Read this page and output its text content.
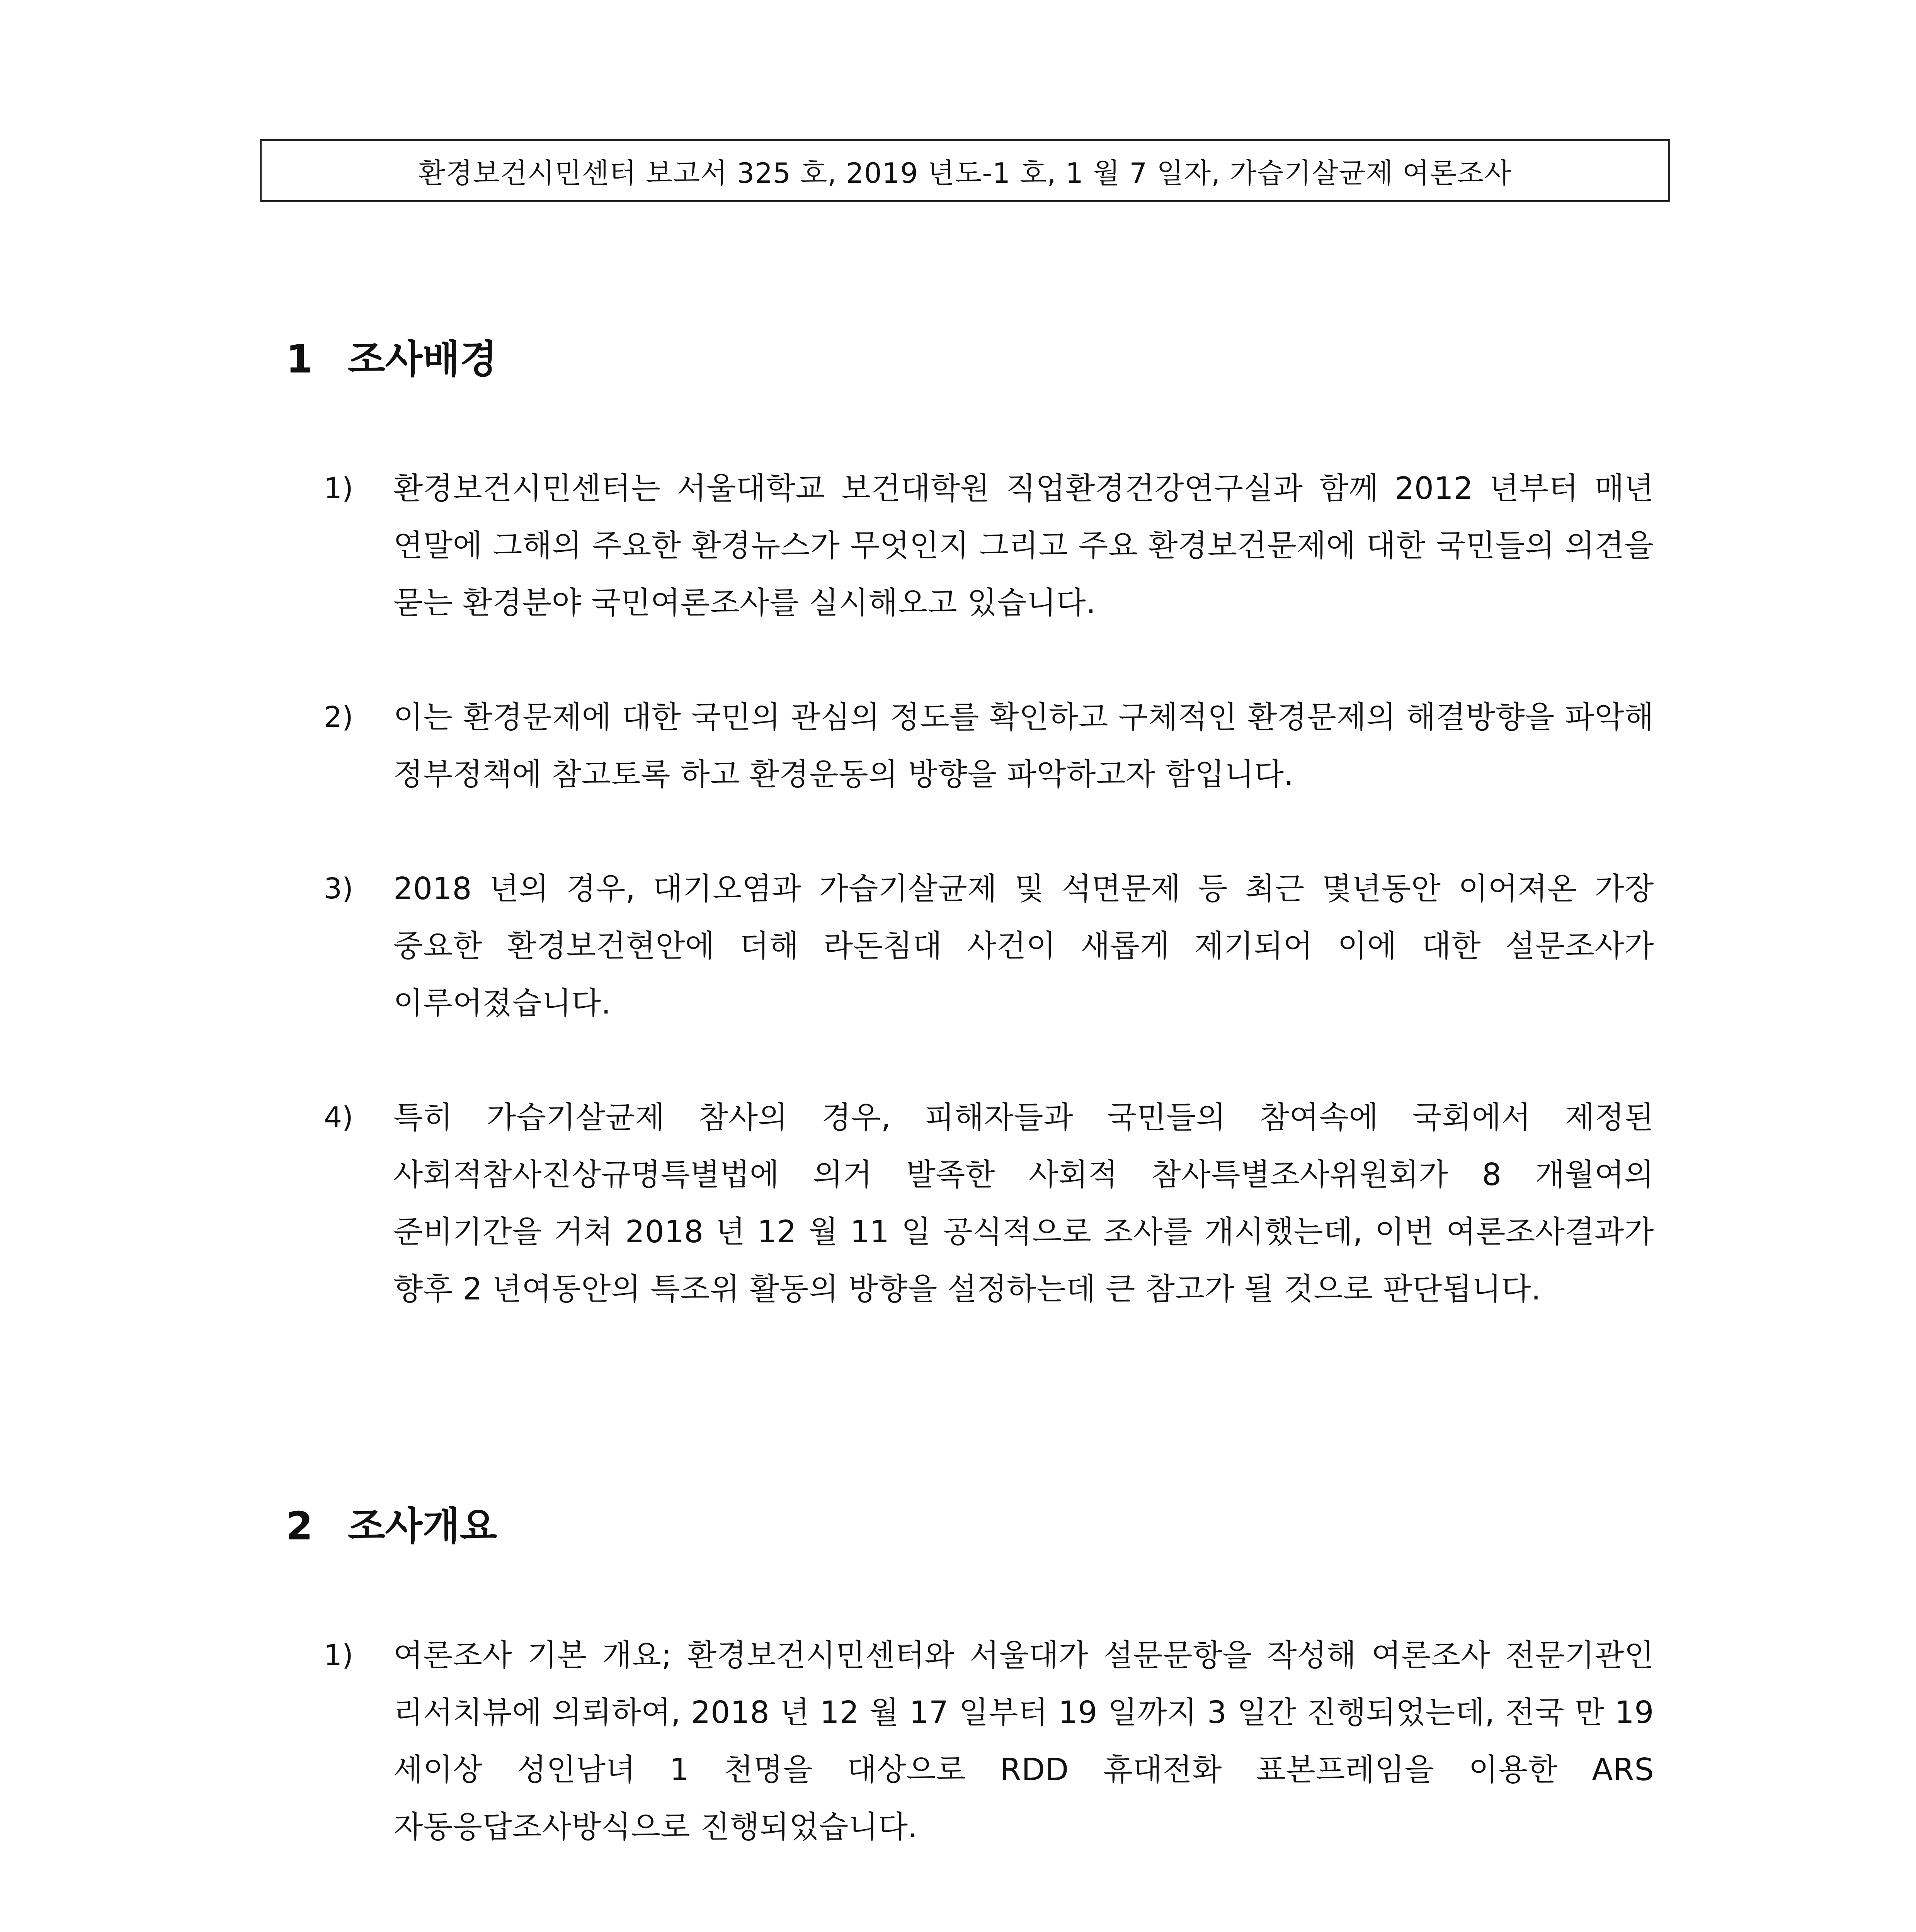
환경보건시민센터 보고서 325 호, 2019 년도-1 호, 1 월 7 일자, 가습기살균제 여론조사
1 조사배경
1)	환경보건시민센터는 서울대학교 보건대학원 직업환경건강연구실과 함께 2012 년부터 매년 연말에 그해의 주요한 환경뉴스가 무엇인지 그리고 주요 환경보건문제에 대한 국민들의 의견을 묻는 환경분야 국민여론조사를 실시해오고 있습니다.
2)	이는 환경문제에 대한 국민의 관심의 정도를 확인하고 구체적인 환경문제의 해결방향을 파악해 정부정책에 참고토록 하고 환경운동의 방향을 파악하고자 함입니다.
3)	2018 년의 경우, 대기오염과 가습기살균제 및 석면문제 등 최근 몇년동안 이어져온 가장 중요한 환경보건현안에 더해 라돈침대 사건이 새롭게 제기되어 이에 대한 설문조사가 이루어졌습니다.
4)	특히 가습기살균제 참사의 경우, 피해자들과 국민들의 참여속에 국회에서 제정된 사회적참사진상규명특별법에 의거 발족한 사회적 참사특별조사위원회가 8 개월여의 준비기간을 거쳐 2018 년 12 월 11 일 공식적으로 조사를 개시했는데, 이번 여론조사결과가 향후 2 년여동안의 특조위 활동의 방향을 설정하는데 큰 참고가 될 것으로 판단됩니다.
2 조사개요
1)	여론조사 기본 개요; 환경보건시민센터와 서울대가 설문문항을 작성해 여론조사 전문기관인 리서치뷰에 의뢰하여, 2018 년 12 월 17 일부터 19 일까지 3 일간 진행되었는데, 전국 만 19 세이상 성인남녀 1 천명을 대상으로 RDD 휴대전화 표본프레임을 이용한 ARS 자동응답조사방식으로 진행되었습니다.
